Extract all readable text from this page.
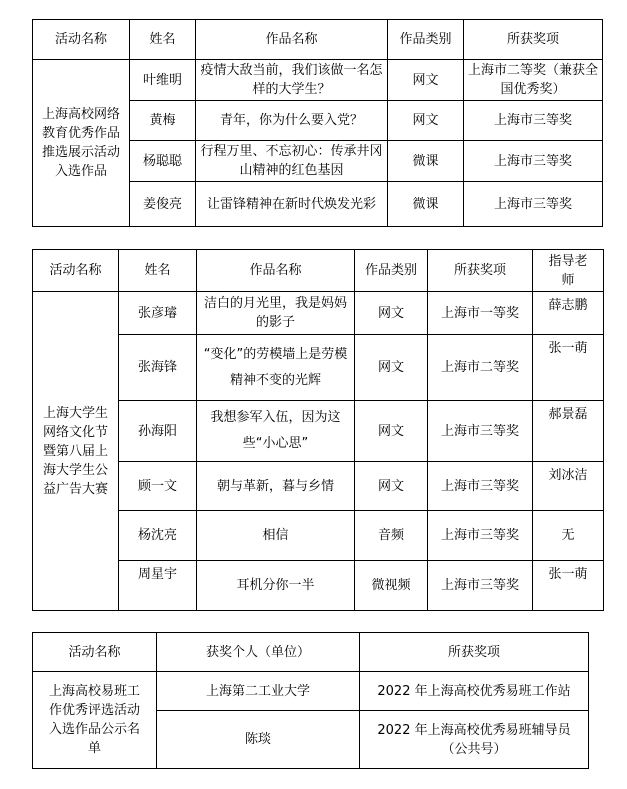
活动名称	姓名	作品名称	作品类别	所获奖项
上海高校网络教育优秀作品推选展示活动入选作品	叶维明	疫情大敌当前，我们该做一名怎样的大学生？	网文	上海市二等奖（兼获全国优秀奖）
	黄梅	青年，你为什么要入党？	网文	上海市三等奖
	杨聪聪	行程万里、不忘初心：传承井冈山精神的红色基因	微课	上海市三等奖
	姜俊亮	让雷锋精神在新时代焕发光彩	微课	上海市三等奖
活动名称	姓名	作品名称	作品类别	所获奖项	指导老师
上海大学生网络文化节暨第八届上海大学生公益广告大赛	张彦璿	洁白的月光里，我是妈妈的影子	网文	上海市一等奖	薛志鹏
	张海锋	“变化”的劳模墙上是劳模精神不变的光辉	网文	上海市二等奖	张一萌
	孙海阳	我想参军入伍，因为这些“小心思”	网文	上海市三等奖	郝景磊
	顾一文	朝与革新，暮与乡情	网文	上海市三等奖	刘冰洁
	杨沈亮	相信	音频	上海市三等奖	无
	周星宇	耳机分你一半	微视频	上海市三等奖	张一萌
活动名称	获奖个人（单位）	所获奖项
上海高校易班工作优秀评选活动入选作品公示名单	上海第二工业大学	2022 年上海高校优秀易班工作站
	陈琰	2022 年上海高校优秀易班辅导员（公共号）
